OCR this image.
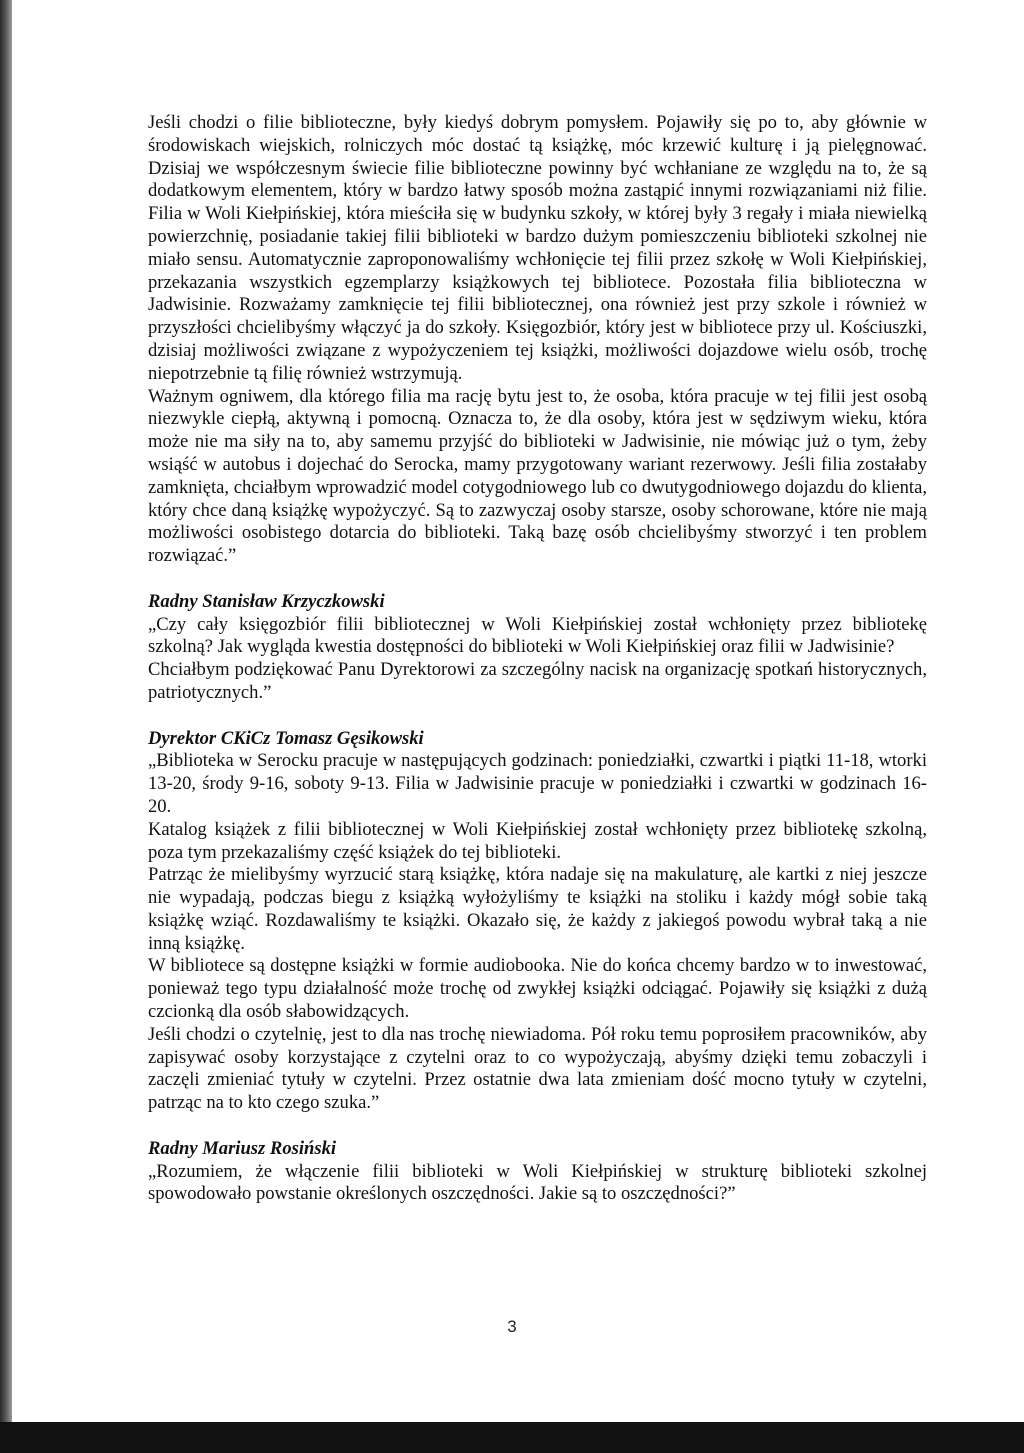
Jeśli chodzi o filie biblioteczne, były kiedyś dobrym pomysłem. Pojawiły się po to, aby głównie w środowiskach wiejskich, rolniczych móc dostać tą książkę, móc krzewić kulturę i ją pielęgnować. Dzisiaj we współczesnym świecie filie biblioteczne powinny być wchłaniane ze względu na to, że są dodatkowym elementem, który w bardzo łatwy sposób można zastąpić innymi rozwiązaniami niż filie. Filia w Woli Kiełpińskiej, która mieściła się w budynku szkoły, w której były 3 regały i miała niewielką powierzchnię, posiadanie takiej filii biblioteki w bardzo dużym pomieszczeniu biblioteki szkolnej nie miało sensu. Automatycznie zaproponowaliśmy wchłonięcie tej filii przez szkołę w Woli Kiełpińskiej, przekazania wszystkich egzemplarzy książkowych tej bibliotece. Pozostała filia biblioteczna w Jadwisinie. Rozważamy zamknięcie tej filii bibliotecznej, ona również jest przy szkole i również w przyszłości chcielibyśmy włączyć ja do szkoły. Księgozbiór, który jest w bibliotece przy ul. Kościuszki, dzisiaj możliwości związane z wypożyczeniem tej książki, możliwości dojazdowe wielu osób, trochę niepotrzebnie tą filię również wstrzymują.

Ważnym ogniwem, dla którego filia ma rację bytu jest to, że osoba, która pracuje w tej filii jest osobą niezwykle ciepłą, aktywną i pomocną. Oznacza to, że dla osoby, która jest w sędziwym wieku, która może nie ma siły na to, aby samemu przyjść do biblioteki w Jadwisinie, nie mówiąc już o tym, żeby wsiąść w autobus i dojechać do Serocka, mamy przygotowany wariant rezerwowy. Jeśli filia zostałaby zamknięta, chciałbym wprowadzić model cotygodniowego lub co dwutygodniowego dojazdu do klienta, który chce daną książkę wypożyczyć. Są to zazwyczaj osoby starsze, osoby schorowane, które nie mają możliwości osobistego dotarcia do biblioteki. Taką bazę osób chcielibyśmy stworzyć i ten problem rozwiązać.”

Radny Stanisław Krzyczkowski

„Czy cały księgozbiór filii bibliotecznej w Woli Kiełpińskiej został wchłonięty przez bibliotekę szkolną? Jak wygląda kwestia dostępności do biblioteki w Woli Kiełpińskiej oraz filii w Jadwisinie?

Chciałbym podziękować Panu Dyrektorowi za szczególny nacisk na organizację spotkań historycznych, patriotycznych.”

Dyrektor CKiCz Tomasz Gęsikowski

„Biblioteka w Serocku pracuje w następujących godzinach: poniedziałki, czwartki i piątki 11-18, wtorki 13-20, środy 9-16, soboty 9-13. Filia w Jadwisinie pracuje w poniedziałki i czwartki w godzinach 16-20.

Katalog książek z filii bibliotecznej w Woli Kiełpińskiej został wchłonięty przez bibliotekę szkolną, poza tym przekazaliśmy część książek do tej biblioteki.

Patrząc że mielibyśmy wyrzucić starą książkę, która nadaje się na makulaturę, ale kartki z niej jeszcze nie wypadają, podczas biegu z książką wyłożyliśmy te książki na stoliku i każdy mógł sobie taką książkę wziąć. Rozdawaliśmy te książki. Okazało się, że każdy z jakiegoś powodu wybrał taką a nie inną książkę.

W bibliotece są dostępne książki w formie audiobooka. Nie do końca chcemy bardzo w to inwestować, ponieważ tego typu działalność może trochę od zwykłej książki odciągać. Pojawiły się książki z dużą czcionką dla osób słabowidzących.

Jeśli chodzi o czytelnię, jest to dla nas trochę niewiadoma. Pół roku temu poprosiłem pracowników, aby zapisywać osoby korzystające z czytelni oraz to co wypożyczają, abyśmy dzięki temu zobaczyli i zaczęli zmieniać tytuły w czytelni. Przez ostatnie dwa lata zmieniam dość mocno tytuły w czytelni, patrząc na to kto czego szuka.”

Radny Mariusz Rosiński

„Rozumiem, że włączenie filii biblioteki w Woli Kiełpińskiej w strukturę biblioteki szkolnej spowodowało powstanie określonych oszczędności. Jakie są to oszczędności?”

3
